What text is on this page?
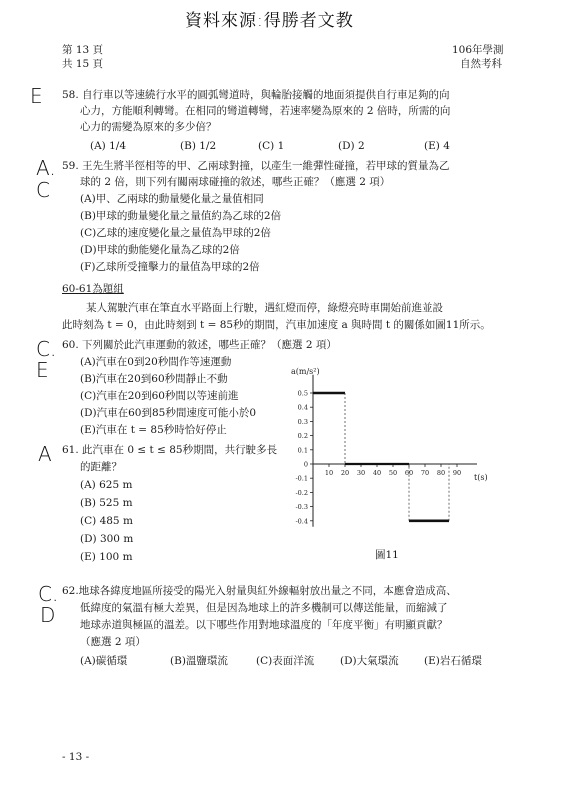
資料來源:得勝者文教
第 13 頁
共 15 頁
106年學測
自然考科
E
A.
C
C.
E
A
C.
D
58. 自行車以等速繞行水平的圓弧彎道時，與輪胎接觸的地面須提供自行車足夠的向
心力，方能順利轉彎。在相同的彎道轉彎，若速率變為原來的 2 倍時，所需的向
心力的需變為原來的多少倍？
(A) 1/4	(B) 1/2	(C) 1	(D) 2	(E) 4
59. 王先生將半徑相等的甲、乙兩球對撞，以產生一維彈性碰撞，若甲球的質量為乙
球的 2 倍，則下列有關兩球碰撞的敘述，哪些正確？（應選 2 項）
(A)甲、乙兩球的動量變化量之量值相同
(B)甲球的動量變化量之量值約為乙球的2倍
(C)乙球的速度變化量之量值為甲球的2倍
(D)甲球的動能變化量為乙球的2倍
(F)乙球所受撞擊力的量值為甲球的2倍
60-61為題組
某人駕駛汽車在筆直水平路面上行駛，遇紅燈而停，綠燈亮時車開始前進並設
此時刻為 t = 0，由此時刻到 t = 85秒的期間，汽車加速度 a 與時間 t 的關係如圖11所示。
60. 下列關於此汽車運動的敘述，哪些正確？（應選 2 項）
(A)汽車在0到20秒間作等速運動
(B)汽車在20到60秒間靜止不動
(C)汽車在20到60秒間以等速前進
(D)汽車在60到85秒間速度可能小於0
(E)汽車在 t = 85秒時恰好停止
61. 此汽車在 0 ≤ t ≤ 85秒期間，共行駛多長
的距離？
(A) 625 m
(B) 525 m
(C) 485 m
(D) 300 m
(E) 100 m
0.5
0.4
0.3
0.2
0.1
0
-0.1
-0.2
-0.3
-0.4
10 20 30 40 50 60 70 80 90
a(m/s²)
t(s)
圖11
62.地球各緯度地區所接受的陽光入射量與紅外線輻射放出量之不同，本應會造成高、
低緯度的氣溫有極大差異，但是因為地球上的許多機制可以傳送能量，而縮減了
地球赤道與極區的溫差。以下哪些作用對地球溫度的「年度平衡」有明顯貢獻？
（應選 2 項）
(A)碳循環	(B)溫鹽環流	(C)表面洋流 (D)大氣環流 (E)岩石循環
- 13 -
